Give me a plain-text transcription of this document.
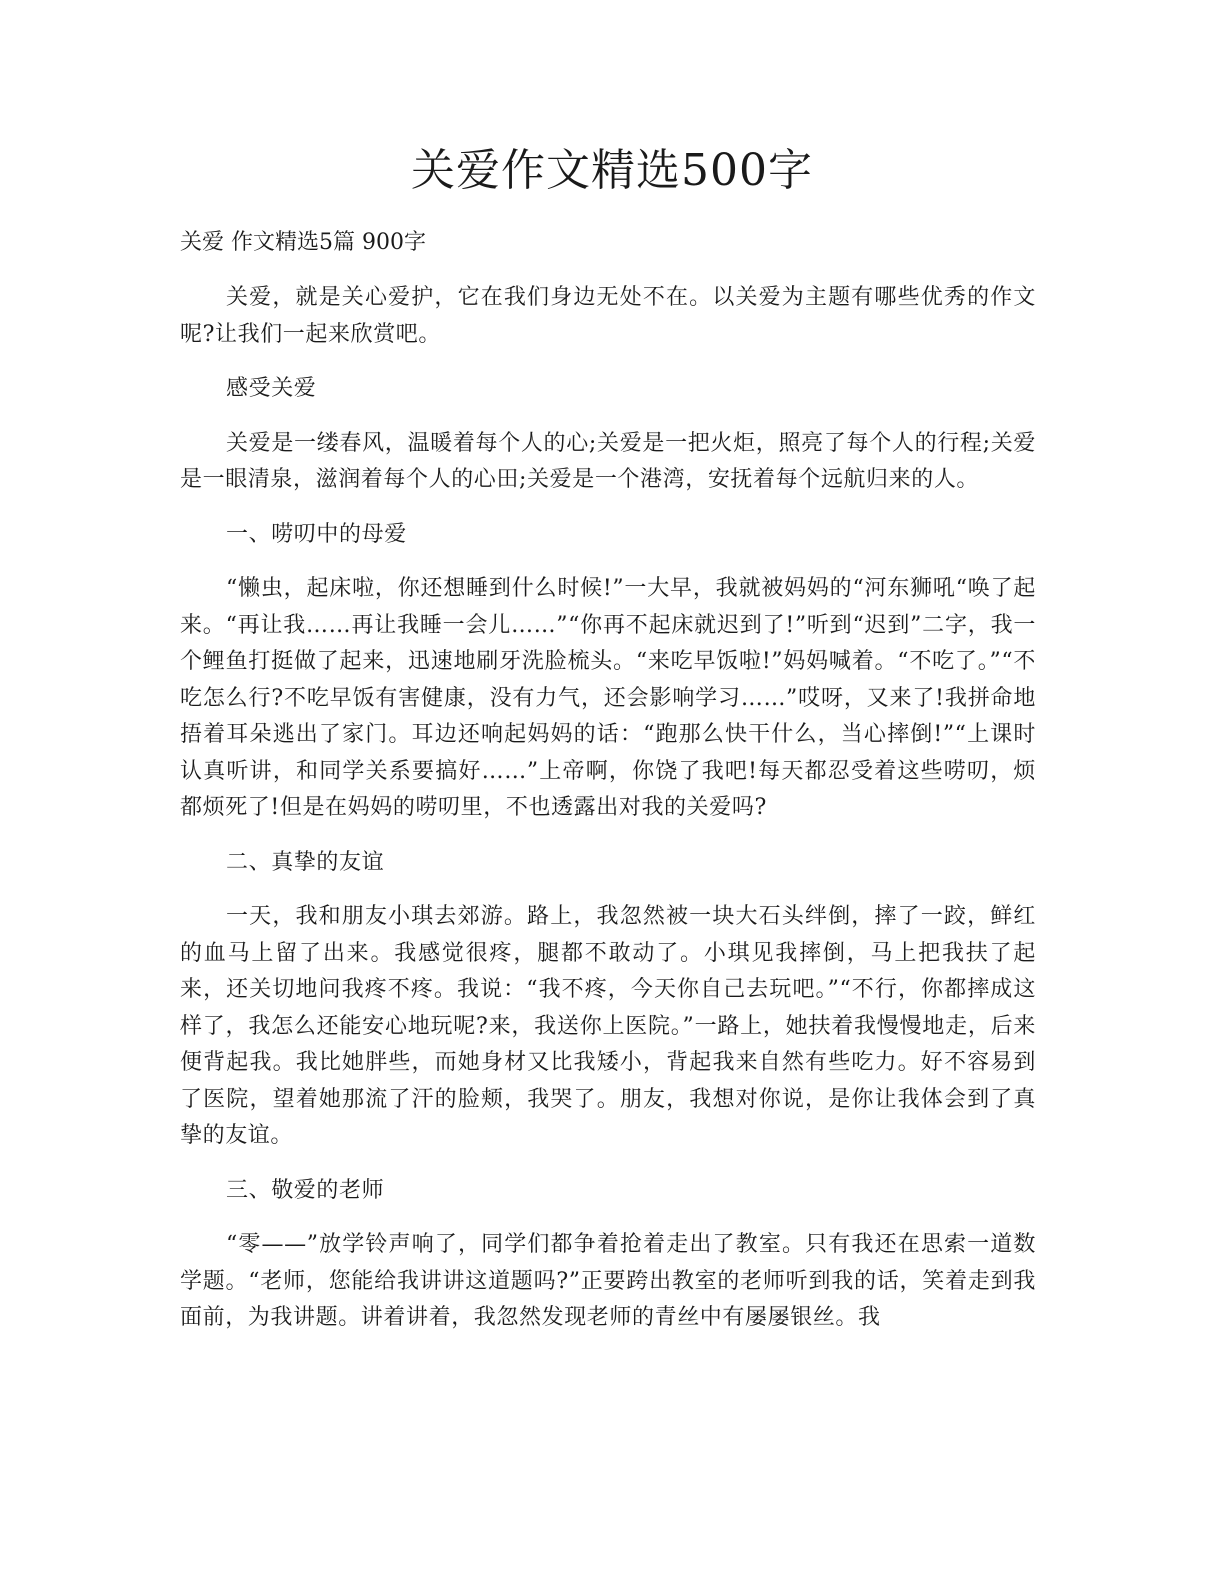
关爱作文精选500字

关爱 作文精选5篇 900字

关爱，就是关心爱护，它在我们身边无处不在。以关爱为主题有哪些优秀的作文呢?让我们一起来欣赏吧。

感受关爱

关爱是一缕春风，温暖着每个人的心;关爱是一把火炬，照亮了每个人的行程;关爱是一眼清泉，滋润着每个人的心田;关爱是一个港湾，安抚着每个远航归来的人。

一、唠叨中的母爱

“懒虫，起床啦，你还想睡到什么时候!”一大早，我就被妈妈的“河东狮吼“唤了起来。“再让我……再让我睡一会儿……”“你再不起床就迟到了!”听到“迟到”二字，我一个鲤鱼打挺做了起来，迅速地刷牙洗脸梳头。“来吃早饭啦!”妈妈喊着。“不吃了。”“不吃怎么行?不吃早饭有害健康，没有力气，还会影响学习……”哎呀，又来了!我拼命地捂着耳朵逃出了家门。耳边还响起妈妈的话：“跑那么快干什么，当心摔倒!”“上课时认真听讲，和同学关系要搞好……”上帝啊，你饶了我吧!每天都忍受着这些唠叨，烦都烦死了!但是在妈妈的唠叨里，不也透露出对我的关爱吗?

二、真挚的友谊

一天，我和朋友小琪去郊游。路上，我忽然被一块大石头绊倒，摔了一跤，鲜红的血马上留了出来。我感觉很疼，腿都不敢动了。小琪见我摔倒，马上把我扶了起来，还关切地问我疼不疼。我说：“我不疼，今天你自己去玩吧。”“不行，你都摔成这样了，我怎么还能安心地玩呢?来，我送你上医院。”一路上，她扶着我慢慢地走，后来便背起我。我比她胖些，而她身材又比我矮小，背起我来自然有些吃力。好不容易到了医院，望着她那流了汗的脸颊，我哭了。朋友，我想对你说，是你让我体会到了真挚的友谊。

三、敬爱的老师

“零——”放学铃声响了，同学们都争着抢着走出了教室。只有我还在思索一道数学题。“老师，您能给我讲讲这道题吗?”正要跨出教室的老师听到我的话，笑着走到我面前，为我讲题。讲着讲着，我忽然发现老师的青丝中有屡屡银丝。我
